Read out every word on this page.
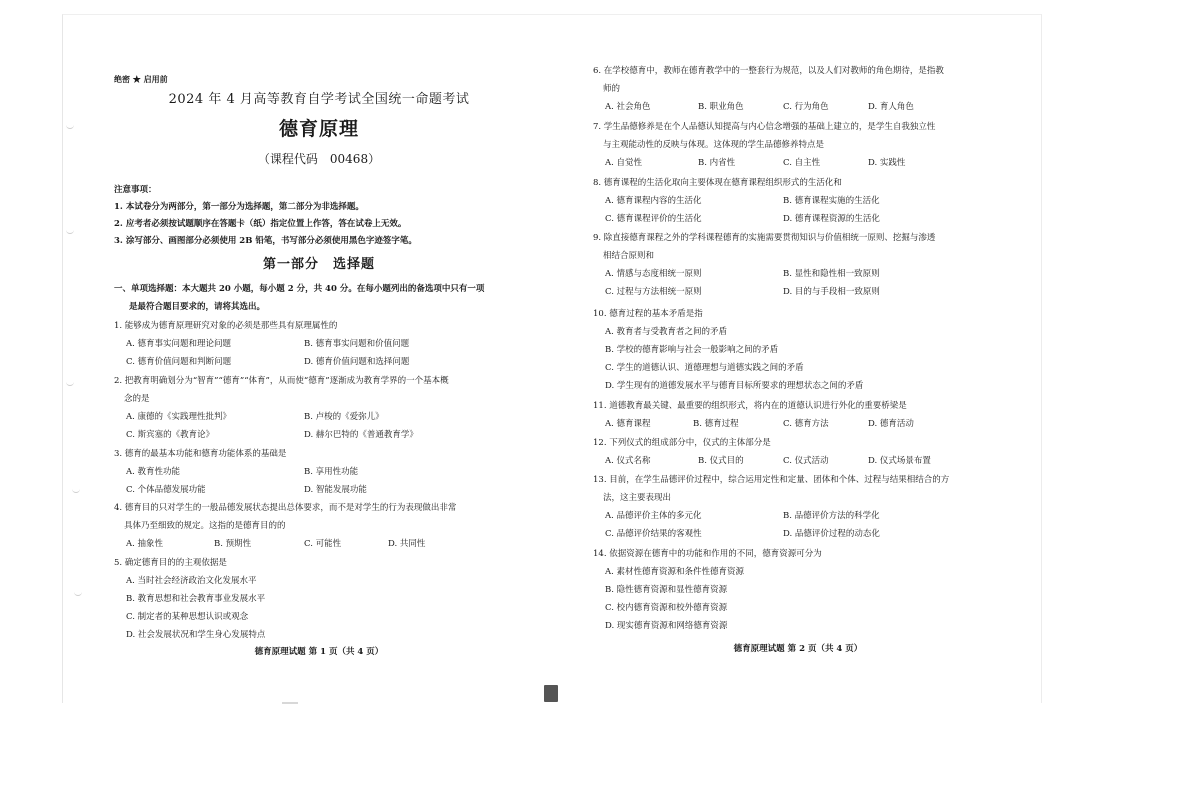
绝密 ★ 启用前
2024 年 4 月高等教育自学考试全国统一命题考试
德育原理
（课程代码　00468）
注意事项：
1. 本试卷分为两部分，第一部分为选择题，第二部分为非选择题。
2. 应考者必须按试题顺序在答题卡（纸）指定位置上作答，答在试卷上无效。
3. 涂写部分、画图部分必须使用 2B 铅笔，书写部分必须使用黑色字迹签字笔。
第一部分　选择题
一、单项选择题：本大题共 20 小题，每小题 2 分，共 40 分。在每小题列出的备选项中只有一项
是最符合题目要求的，请将其选出。
1. 能够成为德育原理研究对象的必须是那些具有原理属性的
A. 德育事实问题和理论问题	B. 德育事实问题和价值问题
C. 德育价值问题和判断问题	D. 德育价值问题和选择问题
2. 把教育明确划分为“智育”“德育”“体育”，从而使“德育”逐渐成为教育学界的一个基本概
念的是
A. 康德的《实践理性批判》	B. 卢梭的《爱弥儿》
C. 斯宾塞的《教育论》	D. 赫尔巴特的《普通教育学》
3. 德育的最基本功能和德育功能体系的基础是
A. 教育性功能	B. 享用性功能
C. 个体品德发展功能	D. 智能发展功能
4. 德育目的只对学生的一般品德发展状态提出总体要求，而不是对学生的行为表现做出非常
具体乃至细致的规定。这指的是德育目的的
A. 抽象性	B. 预期性	C. 可能性	D. 共同性
5. 确定德育目的的主观依据是
A. 当时社会经济政治文化发展水平
B. 教育思想和社会教育事业发展水平
C. 制定者的某种思想认识或观念
D. 社会发展状况和学生身心发展特点
德育原理试题 第 1 页（共 4 页）
6. 在学校德育中，教师在德育教学中的一整套行为规范，以及人们对教师的角色期待，是指教
师的
A. 社会角色	B. 职业角色	C. 行为角色	D. 育人角色
7. 学生品德修养是在个人品德认知提高与内心信念增强的基础上建立的，是学生自我独立性
与主观能动性的反映与体现。这体现的学生品德修养特点是
A. 自觉性	B. 内省性	C. 自主性	D. 实践性
8. 德育课程的生活化取向主要体现在德育课程组织形式的生活化和
A. 德育课程内容的生活化	B. 德育课程实施的生活化
C. 德育课程评价的生活化	D. 德育课程资源的生活化
9. 除直接德育课程之外的学科课程德育的实施需要贯彻知识与价值相统一原则、挖掘与渗透
相结合原则和
A. 情感与态度相统一原则	B. 显性和隐性相一致原则
C. 过程与方法相统一原则	D. 目的与手段相一致原则
10. 德育过程的基本矛盾是指
A. 教育者与受教育者之间的矛盾
B. 学校的德育影响与社会一般影响之间的矛盾
C. 学生的道德认识、道德理想与道德实践之间的矛盾
D. 学生现有的道德发展水平与德育目标所要求的理想状态之间的矛盾
11. 道德教育最关键、最重要的组织形式，将内在的道德认识进行外化的重要桥梁是
A. 德育课程	B. 德育过程	C. 德育方法	D. 德育活动
12. 下列仪式的组成部分中，仪式的主体部分是
A. 仪式名称	B. 仪式目的	C. 仪式活动	D. 仪式场景布置
13. 目前，在学生品德评价过程中，综合运用定性和定量、团体和个体、过程与结果相结合的方
法，这主要表现出
A. 品德评价主体的多元化	B. 品德评价方法的科学化
C. 品德评价结果的客观性	D. 品德评价过程的动态化
14. 依据资源在德育中的功能和作用的不同，德育资源可分为
A. 素材性德育资源和条件性德育资源
B. 隐性德育资源和显性德育资源
C. 校内德育资源和校外德育资源
D. 现实德育资源和网络德育资源
德育原理试题 第 2 页（共 4 页）
